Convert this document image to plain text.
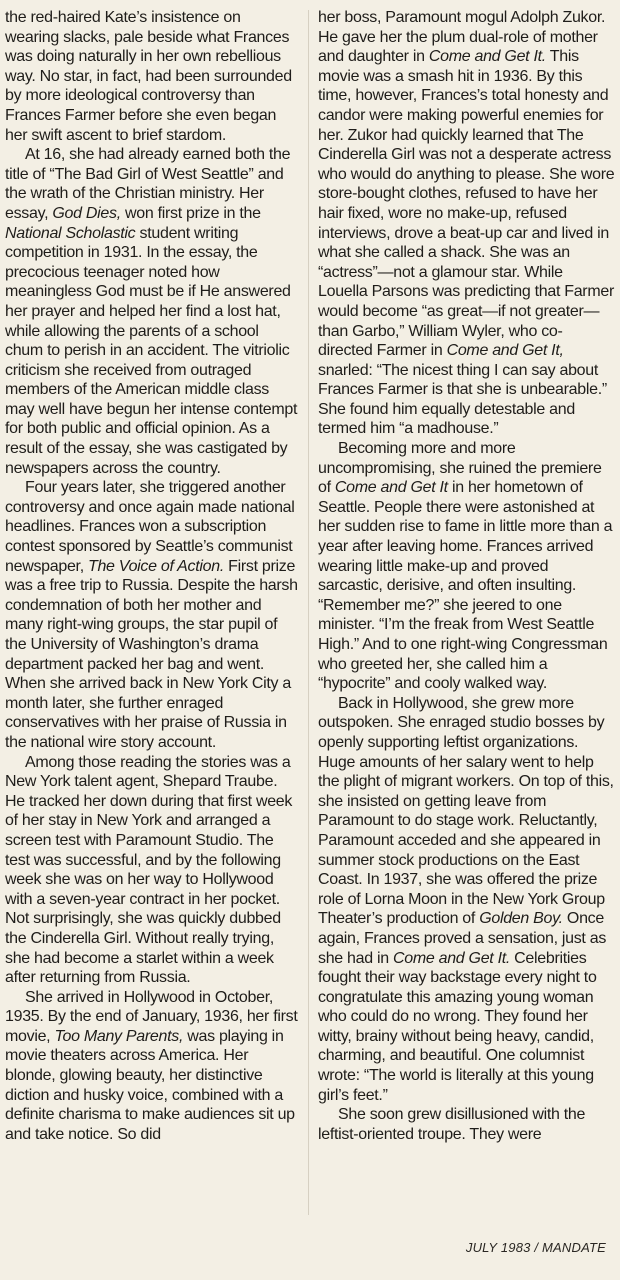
the red-haired Kate’s insistence on wearing slacks, pale beside what Frances was doing naturally in her own rebellious way. No star, in fact, had been surrounded by more ideological controversy than Frances Farmer before she even began her swift ascent to brief stardom.

At 16, she had already earned both the title of “The Bad Girl of West Seattle” and the wrath of the Christian ministry. Her essay, God Dies, won first prize in the National Scholastic student writing competition in 1931. In the essay, the precocious teenager noted how meaningless God must be if He answered her prayer and helped her find a lost hat, while allowing the parents of a school chum to perish in an accident. The vitriolic criticism she received from outraged members of the American middle class may well have begun her intense contempt for both public and official opinion. As a result of the essay, she was castigated by newspapers across the country.

Four years later, she triggered another controversy and once again made national headlines. Frances won a subscription contest sponsored by Seattle’s communist newspaper, The Voice of Action. First prize was a free trip to Russia. Despite the harsh condemnation of both her mother and many right-wing groups, the star pupil of the University of Washington’s drama department packed her bag and went. When she arrived back in New York City a month later, she further enraged conservatives with her praise of Russia in the national wire story account.

Among those reading the stories was a New York talent agent, Shepard Traube. He tracked her down during that first week of her stay in New York and arranged a screen test with Paramount Studio. The test was successful, and by the following week she was on her way to Hollywood with a seven-year contract in her pocket. Not surprisingly, she was quickly dubbed the Cinderella Girl. Without really trying, she had become a starlet within a week after returning from Russia.

She arrived in Hollywood in October, 1935. By the end of January, 1936, her first movie, Too Many Parents, was playing in movie theaters across America. Her blonde, glowing beauty, her distinctive diction and husky voice, combined with a definite charisma to make audiences sit up and take notice. So did

her boss, Paramount mogul Adolph Zukor. He gave her the plum dual-role of mother and daughter in Come and Get It. This movie was a smash hit in 1936. By this time, however, Frances’s total honesty and candor were making powerful enemies for her. Zukor had quickly learned that The Cinderella Girl was not a desperate actress who would do anything to please. She wore store-bought clothes, refused to have her hair fixed, wore no make-up, refused interviews, drove a beat-up car and lived in what she called a shack. She was an “actress”—not a glamour star. While Louella Parsons was predicting that Farmer would become “as great—if not greater—than Garbo,” William Wyler, who co-directed Farmer in Come and Get It, snarled: “The nicest thing I can say about Frances Farmer is that she is unbearable.” She found him equally detestable and termed him “a madhouse.”

Becoming more and more uncompromising, she ruined the premiere of Come and Get It in her hometown of Seattle. People there were astonished at her sudden rise to fame in little more than a year after leaving home. Frances arrived wearing little make-up and proved sarcastic, derisive, and often insulting. “Remember me?” she jeered to one minister. “I’m the freak from West Seattle High.” And to one right-wing Congressman who greeted her, she called him a “hypocrite” and cooly walked way.

Back in Hollywood, she grew more outspoken. She enraged studio bosses by openly supporting leftist organizations. Huge amounts of her salary went to help the plight of migrant workers. On top of this, she insisted on getting leave from Paramount to do stage work. Reluctantly, Paramount acceded and she appeared in summer stock productions on the East Coast. In 1937, she was offered the prize role of Lorna Moon in the New York Group Theater’s production of Golden Boy. Once again, Frances proved a sensation, just as she had in Come and Get It. Celebrities fought their way backstage every night to congratulate this amazing young woman who could do no wrong. They found her witty, brainy without being heavy, candid, charming, and beautiful. One columnist wrote: “The world is literally at this young girl’s feet.”

She soon grew disillusioned with the leftist-oriented troupe. They were

JULY 1983 / MANDATE
